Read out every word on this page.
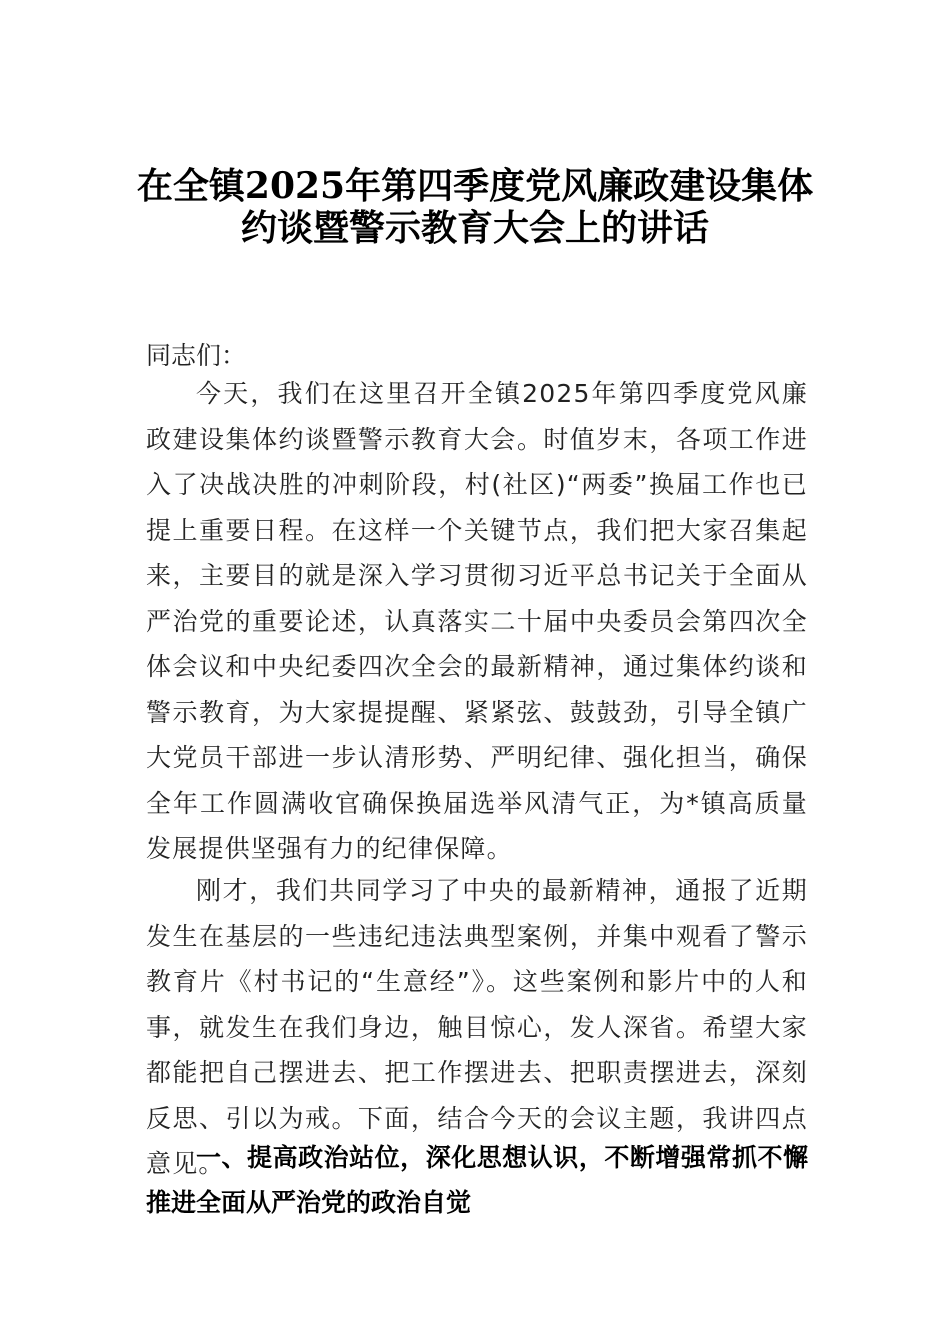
在全镇2025年第四季度党风廉政建设集体
约谈暨警示教育大会上的讲话
同志们：

今天，我们在这里召开全镇2025年第四季度党风廉政建设集体约谈暨警示教育大会。时值岁末，各项工作进入了决战决胜的冲刺阶段，村(社区)“两委”换届工作也已提上重要日程。在这样一个关键节点，我们把大家召集起来，主要目的就是深入学习贯彻习近平总书记关于全面从严治党的重要论述，认真落实二十届中央委员会第四次全体会议和中央纪委四次全会的最新精神，通过集体约谈和警示教育，为大家提提醒、紧紧弦、鼓鼓劲，引导全镇广大党员干部进一步认清形势、严明纪律、强化担当，确保全年工作圆满收官确保换届选举风清气正，为*镇高质量发展提供坚强有力的纪律保障。

刚才，我们共同学习了中央的最新精神，通报了近期发生在基层的一些违纪违法典型案例，并集中观看了警示教育片《村书记的“生意经”》。这些案例和影片中的人和事，就发生在我们身边，触目惊心，发人深省。希望大家都能把自己摆进去、把工作摆进去、把职责摆进去，深刻反思、引以为戒。下面，结合今天的会议主题，我讲四点意见。

一、提高政治站位，深化思想认识，不断增强常抓不懈推进全面从严治党的政治自觉
